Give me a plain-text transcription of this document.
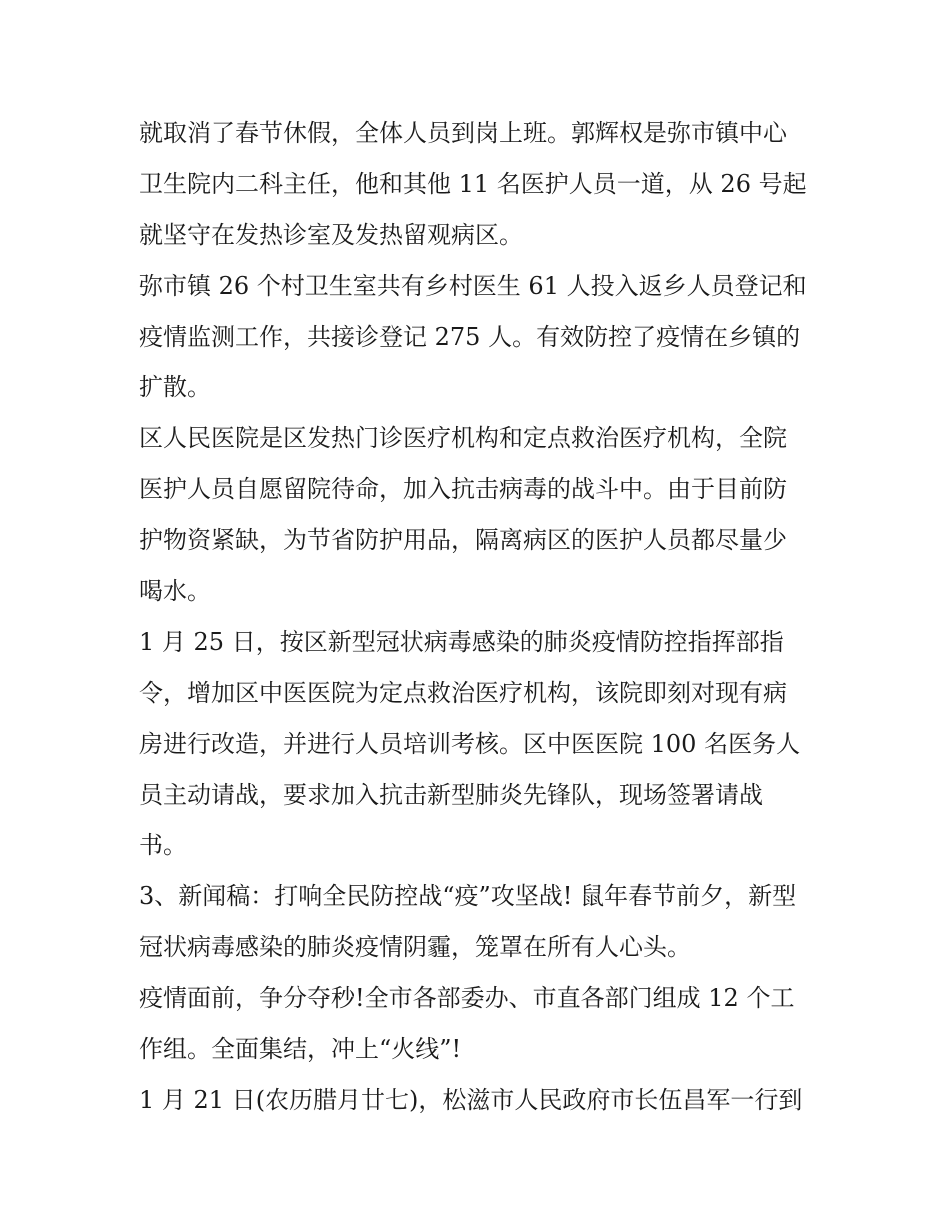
就取消了春节休假，全体人员到岗上班。郭辉权是弥市镇中心
卫生院内二科主任，他和其他 11 名医护人员一道，从 26 号起
就坚守在发热诊室及发热留观病区。
弥市镇 26 个村卫生室共有乡村医生 61 人投入返乡人员登记和
疫情监测工作，共接诊登记 275 人。有效防控了疫情在乡镇的
扩散。
区人民医院是区发热门诊医疗机构和定点救治医疗机构，全院
医护人员自愿留院待命，加入抗击病毒的战斗中。由于目前防
护物资紧缺，为节省防护用品，隔离病区的医护人员都尽量少
喝水。
1 月 25 日，按区新型冠状病毒感染的肺炎疫情防控指挥部指
令，增加区中医医院为定点救治医疗机构，该院即刻对现有病
房进行改造，并进行人员培训考核。区中医医院 100 名医务人
员主动请战，要求加入抗击新型肺炎先锋队，现场签署请战
书。
3、新闻稿：打响全民防控战“疫”攻坚战! 鼠年春节前夕，新型
冠状病毒感染的肺炎疫情阴霾，笼罩在所有人心头。
疫情面前，争分夺秒!全市各部委办、市直各部门组成 12 个工
作组。全面集结，冲上“火线”!
1 月 21 日(农历腊月廿七)，松滋市人民政府市长伍昌军一行到
